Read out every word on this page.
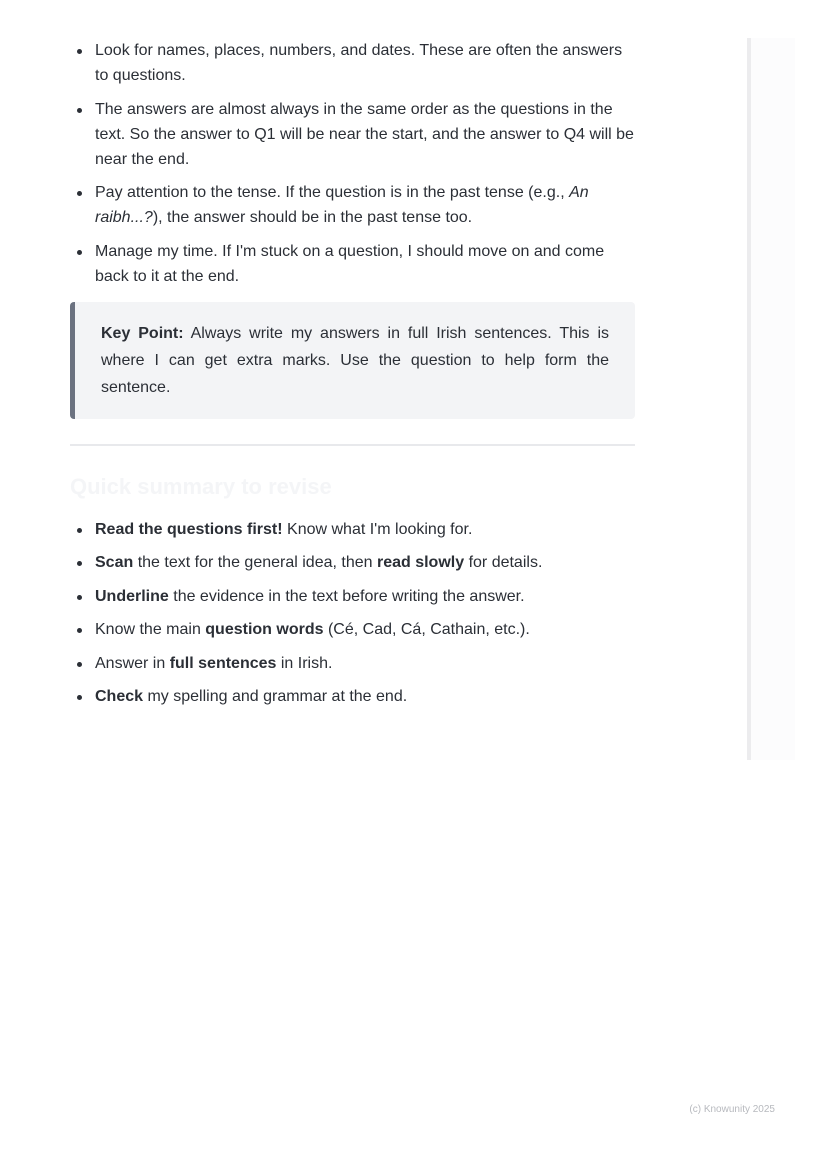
Look for names, places, numbers, and dates. These are often the answers to questions.
The answers are almost always in the same order as the questions in the text. So the answer to Q1 will be near the start, and the answer to Q4 will be near the end.
Pay attention to the tense. If the question is in the past tense (e.g., An raibh...?), the answer should be in the past tense too.
Manage my time. If I'm stuck on a question, I should move on and come back to it at the end.
Key Point: Always write my answers in full Irish sentences. This is where I can get extra marks. Use the question to help form the sentence.
Quick summary to revise
Read the questions first! Know what I'm looking for.
Scan the text for the general idea, then read slowly for details.
Underline the evidence in the text before writing the answer.
Know the main question words (Cé, Cad, Cá, Cathain, etc.).
Answer in full sentences in Irish.
Check my spelling and grammar at the end.
(c) Knowunity 2025
